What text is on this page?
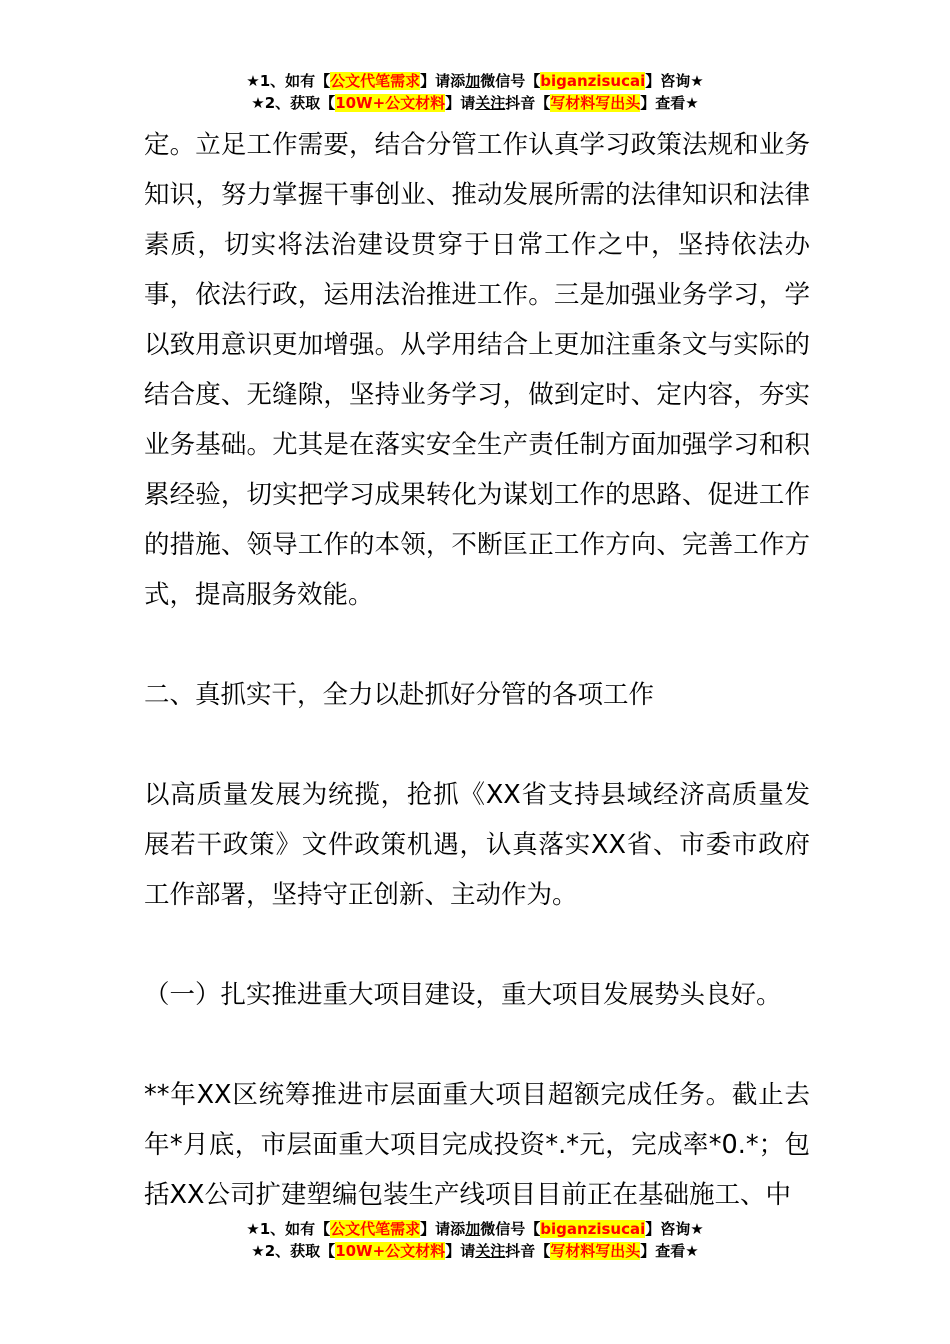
★1、如有【公文代笔需求】请添加微信号【biganzisucai】咨询★
★2、获取【10W+公文材料】请关注抖音【写材料写出头】查看★

定。立足工作需要，结合分管工作认真学习政策法规和业务知识，努力掌握干事创业、推动发展所需的法律知识和法律素质，切实将法治建设贯穿于日常工作之中，坚持依法办事，依法行政，运用法治推进工作。三是加强业务学习，学以致用意识更加增强。从学用结合上更加注重条文与实际的结合度、无缝隙，坚持业务学习，做到定时、定内容，夯实业务基础。尤其是在落实安全生产责任制方面加强学习和积累经验，切实把学习成果转化为谋划工作的思路、促进工作的措施、领导工作的本领，不断匡正工作方向、完善工作方式，提高服务效能。

二、真抓实干，全力以赴抓好分管的各项工作

以高质量发展为统揽，抢抓《XX省支持县域经济高质量发展若干政策》文件政策机遇，认真落实XX省、市委市政府工作部署，坚持守正创新、主动作为。

（一）扎实推进重大项目建设，重大项目发展势头良好。

**年XX区统筹推进市层面重大项目超额完成任务。截止去年*月底，市层面重大项目完成投资*.*元，完成率*0.*；包括XX公司扩建塑编包装生产线项目目前正在基础施工、中

★1、如有【公文代笔需求】请添加微信号【biganzisucai】咨询★
★2、获取【10W+公文材料】请关注抖音【写材料写出头】查看★
